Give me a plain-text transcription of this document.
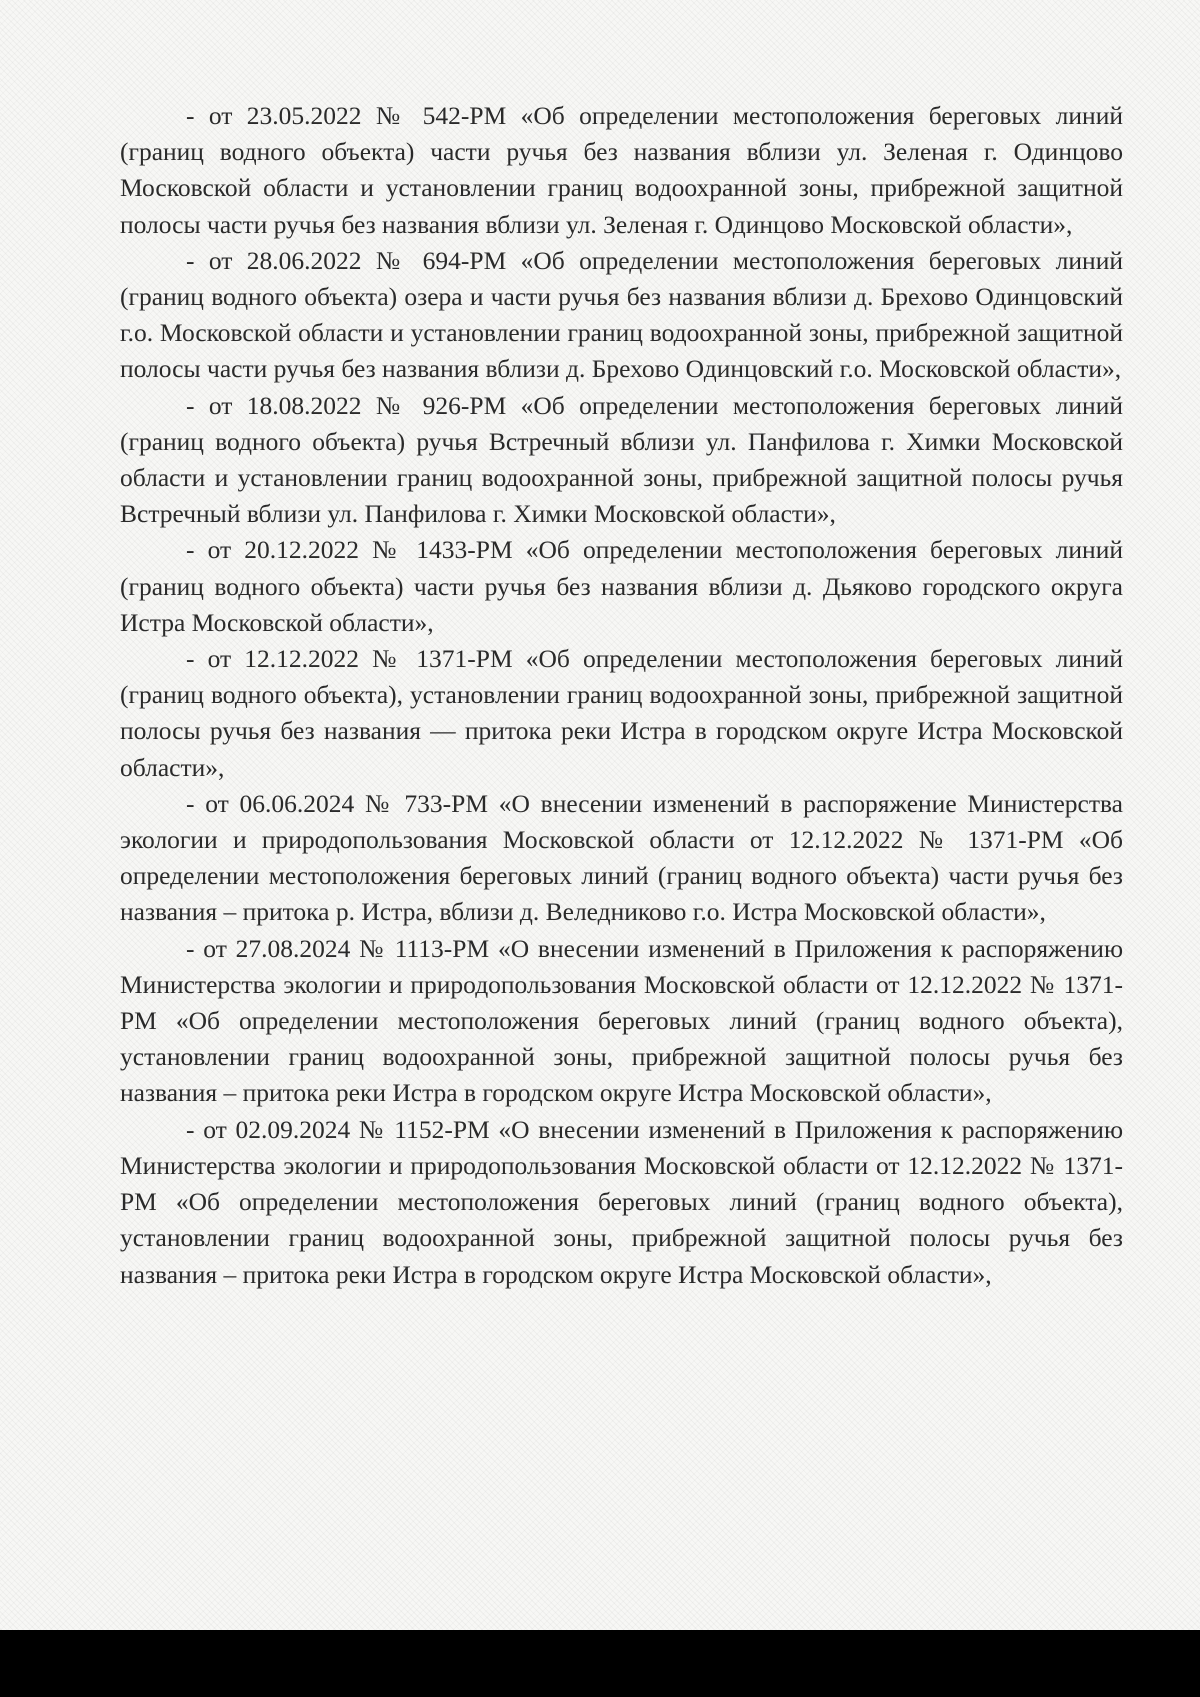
- от 23.05.2022 № 542-РМ «Об определении местоположения береговых линий (границ водного объекта) части ручья без названия вблизи ул. Зеленая г. Одинцово Московской области и установлении границ водоохранной зоны, прибрежной защитной полосы части ручья без названия вблизи ул. Зеленая г. Одинцово Московской области»,

- от 28.06.2022 № 694-РМ «Об определении местоположения береговых линий (границ водного объекта) озера и части ручья без названия вблизи д. Брехово Одинцовский г.о. Московской области и установлении границ водоохранной зоны, прибрежной защитной полосы части ручья без названия вблизи д. Брехово Одинцовский г.о. Московской области»,

- от 18.08.2022 № 926-РМ «Об определении местоположения береговых линий (границ водного объекта) ручья Встречный вблизи ул. Панфилова г. Химки Московской области и установлении границ водоохранной зоны, прибрежной защитной полосы ручья Встречный вблизи ул. Панфилова г. Химки Московской области»,

- от 20.12.2022 № 1433-РМ «Об определении местоположения береговых линий (границ водного объекта) части ручья без названия вблизи д. Дьяково городского округа Истра Московской области»,

- от 12.12.2022 № 1371-РМ «Об определении местоположения береговых линий (границ водного объекта), установлении границ водоохранной зоны, прибрежной защитной полосы ручья без названия — притока реки Истра в городском округе Истра Московской области»,

- от 06.06.2024 № 733-РМ «О внесении изменений в распоряжение Министерства экологии и природопользования Московской области от 12.12.2022 № 1371-РМ «Об определении местоположения береговых линий (границ водного объекта) части ручья без названия – притока р. Истра, вблизи д. Веледниково г.о. Истра Московской области»,

- от 27.08.2024 № 1113-РМ «О внесении изменений в Приложения к распоряжению Министерства экологии и природопользования Московской области от 12.12.2022 № 1371-РМ «Об определении местоположения береговых линий (границ водного объекта), установлении границ водоохранной зоны, прибрежной защитной полосы ручья без названия – притока реки Истра в городском округе Истра Московской области»,

- от 02.09.2024 № 1152-РМ «О внесении изменений в Приложения к распоряжению Министерства экологии и природопользования Московской области от 12.12.2022 № 1371-РМ «Об определении местоположения береговых линий (границ водного объекта), установлении границ водоохранной зоны, прибрежной защитной полосы ручья без названия – притока реки Истра в городском округе Истра Московской области»,
